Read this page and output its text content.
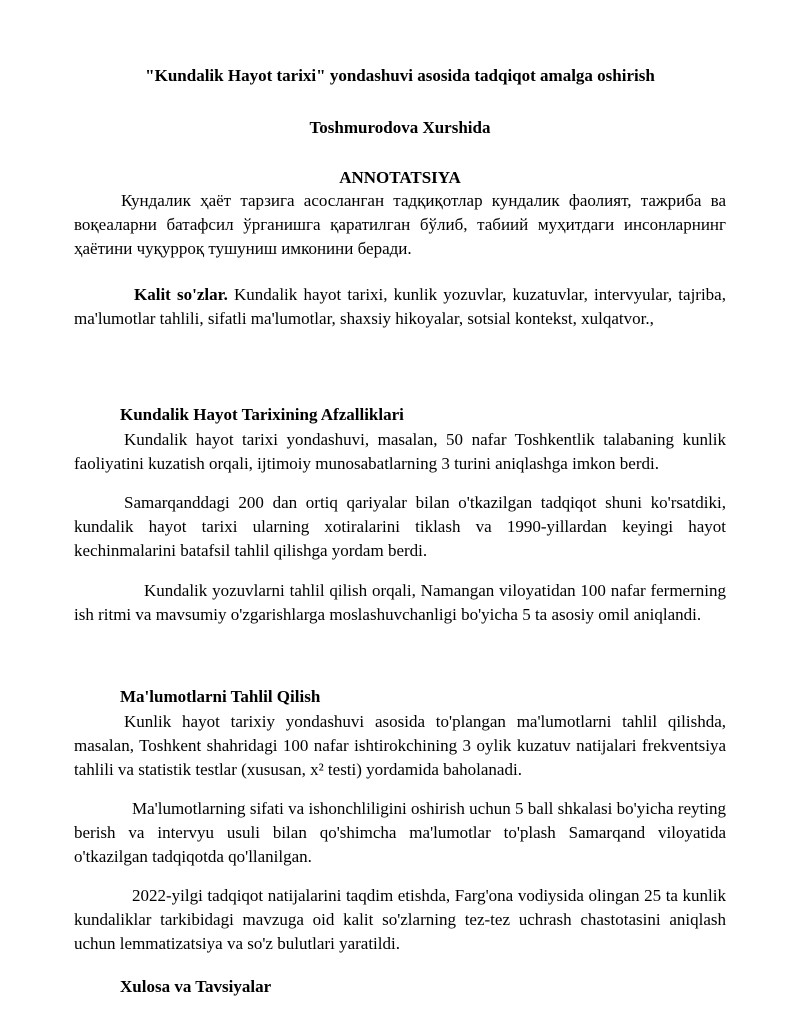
"Kundalik Hayot tarixi" yondashuvi asosida tadqiqot amalga oshirish
Toshmurodova Xurshida
ANNOTATSIYA

Кундалик ҳаёт тарзига асосланган тадқиқотлар кундалик фаолият, тажриба ва воқеаларни батафсил ўрганишга қаратилган бўлиб, табиий муҳитдаги инсонларнинг ҳаётини чуқурроқ тушуниш имконини беради.

Kalit so'zlar. Kundalik hayot tarixi, kunlik yozuvlar, kuzatuvlar, intervyular, tajriba, ma'lumotlar tahlili, sifatli ma'lumotlar, shaxsiy hikoyalar, sotsial kontekst, xulqatvor.,

Kundalik Hayot Tarixining Afzalliklari

Kundalik hayot tarixi yondashuvi, masalan, 50 nafar Toshkentlik talabaning kunlik faoliyatini kuzatish orqali, ijtimoiy munosabatlarning 3 turini aniqlashga imkon berdi.

Samarqanddagi 200 dan ortiq qariyalar bilan o'tkazilgan tadqiqot shuni ko'rsatdiki, kundalik hayot tarixi ularning xotiralarini tiklash va 1990-yillardan keyingi hayot kechinmalarini batafsil tahlil qilishga yordam berdi.

Kundalik yozuvlarni tahlil qilish orqali, Namangan viloyatidan 100 nafar fermerning ish ritmi va mavsumiy o'zgarishlarga moslashuvchanligi bo'yicha 5 ta asosiy omil aniqlandi.

Ma'lumotlarni Tahlil Qilish

Kunlik hayot tarixiy yondashuvi asosida to'plangan ma'lumotlarni tahlil qilishda, masalan, Toshkent shahridagi 100 nafar ishtirokchining 3 oylik kuzatuv natijalari frekventsiya tahlili va statistik testlar (xususan, x² testi) yordamida baholanadi.

Ma'lumotlarning sifati va ishonchliligini oshirish uchun 5 ball shkalasi bo'yicha reyting berish va intervyu usuli bilan qo'shimcha ma'lumotlar to'plash Samarqand viloyatida o'tkazilgan tadqiqotda qo'llanilgan.

2022-yilgi tadqiqot natijalarini taqdim etishda, Farg'ona vodiysida olingan 25 ta kunlik kundaliklar tarkibidagi mavzuga oid kalit so'zlarning tez-tez uchrash chastotasini aniqlash uchun lemmatizatsiya va so'z bulutlari yaratildi.

Xulosa va Tavsiyalar
